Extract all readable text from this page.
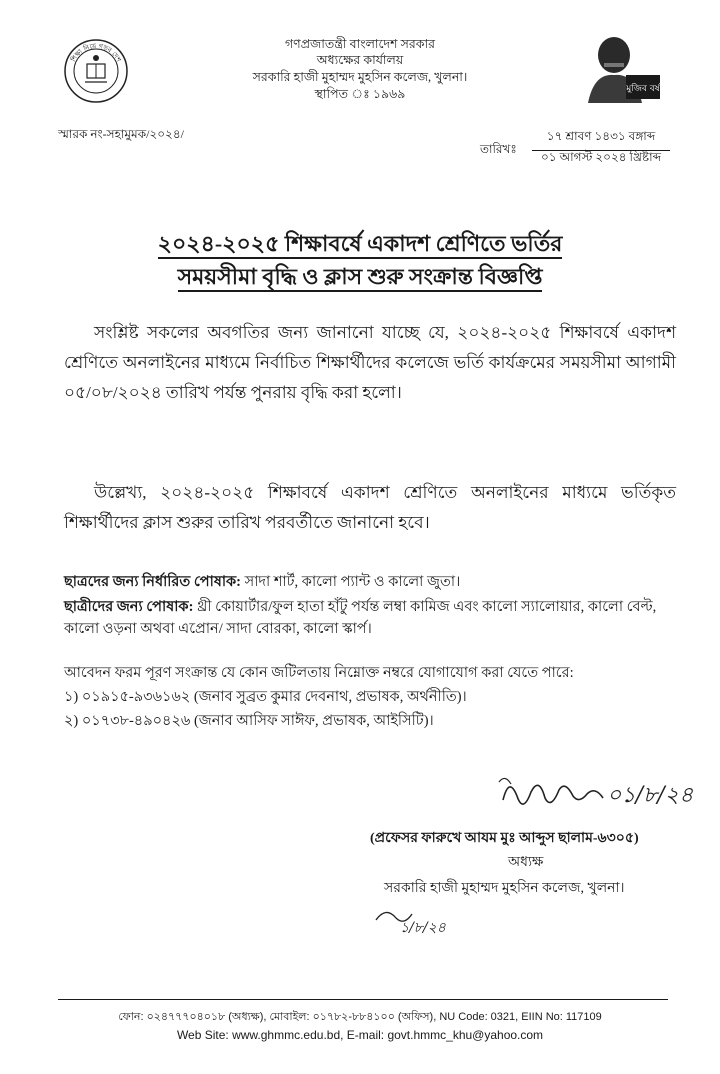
শিক্ষা নিয়ে গড়ব দেশ
গণপ্রজাতন্ত্রী বাংলাদেশ সরকার
অধ্যক্ষের কার্যালয়
সরকারি হাজী মুহাম্মদ মুহসিন কলেজ, খুলনা।
স্থাপিত ঃ ১৯৬৯	মুজিব বর্ষ
স্মারক নং-সহামুমক/২০২৪/
তারিখঃ
১৭ শ্রাবণ ১৪৩১ বঙ্গাব্দ
০১ আগস্ট ২০২৪ খ্রিষ্টাব্দ
২০২৪-২০২৫ শিক্ষাবর্ষে একাদশ শ্রেণিতে ভর্তির
সময়সীমা বৃদ্ধি ও ক্লাস শুরু সংক্রান্ত বিজ্ঞপ্তি
সংশ্লিষ্ট সকলের অবগতির জন্য জানানো যাচ্ছে যে, ২০২৪-২০২৫ শিক্ষাবর্ষে একাদশ শ্রেণিতে অনলাইনের মাধ্যমে নির্বাচিত শিক্ষার্থীদের কলেজে ভর্তি কার্যক্রমের সময়সীমা আগামী ০৫/০৮/২০২৪ তারিখ পর্যন্ত পুনরায় বৃদ্ধি করা হলো।
উল্লেখ্য, ২০২৪-২০২৫ শিক্ষাবর্ষে একাদশ শ্রেণিতে অনলাইনের মাধ্যমে ভর্তিকৃত শিক্ষার্থীদের ক্লাস শুরুর তারিখ পরবর্তীতে জানানো হবে।
ছাত্রদের জন্য নির্ধারিত পোষাক: সাদা শার্ট, কালো প্যান্ট ও কালো জুতা।
ছাত্রীদের জন্য পোষাক: থ্রী কোয়ার্টার/ফুল হাতা হাঁটু পর্যন্ত লম্বা কামিজ এবং কালো স্যালোয়ার, কালো বেল্ট, কালো ওড়না অথবা এপ্রোন/ সাদা বোরকা, কালো স্কার্প।
আবেদন ফরম পূরণ সংক্রান্ত যে কোন জটিলতায় নিম্নোক্ত নম্বরে যোগাযোগ করা যেতে পারে:
১) ০১৯১৫-৯৩৬১৬২ (জনাব সুব্রত কুমার দেবনাথ, প্রভাষক, অর্থনীতি)।
২) ০১৭৩৮-৪৯০৪২৬ (জনাব আসিফ সাঈফ, প্রভাষক, আইসিটি)।
০১/৮/২৪
(প্রফেসর ফারুখে আযম মুঃ আব্দুস ছালাম-৬৩০৫)
অধ্যক্ষ
সরকারি হাজী মুহাম্মদ মুহসিন কলেজ, খুলনা।
১/৮/২৪
ফোন: ০২৪৭৭৭০৪০১৮ (অধ্যক্ষ), মোবাইল: ০১৭৮২-৮৮৪১০০ (অফিস), NU Code: 0321, EIIN No: 117109
Web Site: www.ghmmc.edu.bd, E-mail: govt.hmmc_khu@yahoo.com
